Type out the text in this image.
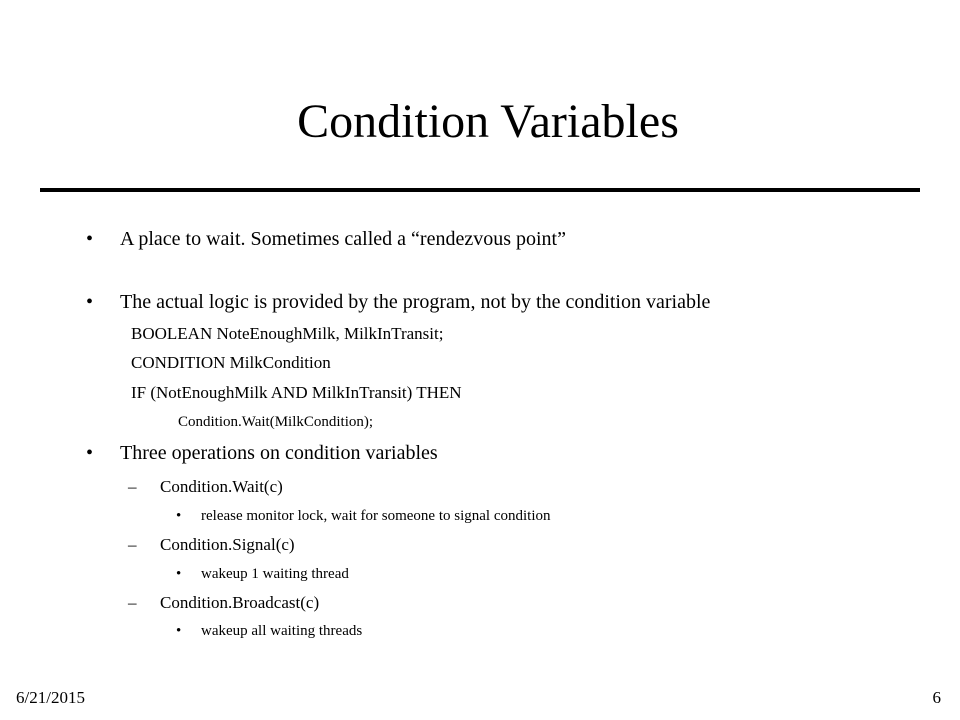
Condition Variables
• A place to wait. Sometimes called a “rendezvous point”
• The actual logic is provided by the program, not by the condition variable
BOOLEAN NoteEnoughMilk, MilkInTransit;
CONDITION MilkCondition
IF (NotEnoughMilk AND MilkInTransit) THEN
Condition.Wait(MilkCondition);
• Three operations on condition variables
– Condition.Wait(c)
• release monitor lock, wait for someone to signal condition
– Condition.Signal(c)
• wakeup 1 waiting thread
– Condition.Broadcast(c)
• wakeup all waiting threads
6/21/2015	6
